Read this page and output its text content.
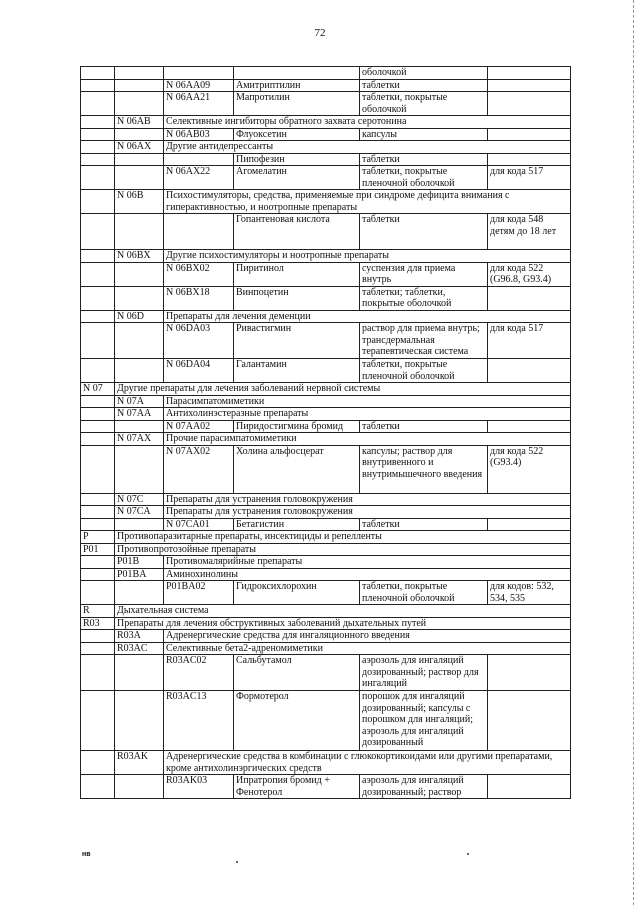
72
				оболочкой	
		N 06AA09	Амитриптилин	таблетки	
		N 06AA21	Мапротилин	таблетки, покрытые оболочкой	
	N 06AB	Селективные ингибиторы обратного захвата серотонина			
		N 06AB03	Флуоксетин	капсулы	
	N 06AX	Другие антидепрессанты			
			Пипофезин	таблетки	
		N 06AX22	Агомелатин	таблетки, покрытые пленочной оболочкой	для кода 517
	N 06B	Психостимуляторы, средства, применяемые при синдроме дефицита внимания с гиперактивностью, и ноотропные препараты			
			Гопантеновая кислота	таблетки	для кода 548 детям до 18 лет
	N 06BX	Другие психостимуляторы и ноотропные препараты			
		N 06BX02	Пиритинол	суспензия для приема внутрь	для кода 522 (G96.8, G93.4)
		N 06BX18	Винпоцетин	таблетки; таблетки, покрытые оболочкой	
	N 06D	Препараты для лечения деменции			
		N 06DA03	Ривастигмин	раствор для приема внутрь; трансдермальная терапевтическая система	для кода 517
		N 06DA04	Галантамин	таблетки, покрытые пленочной оболочкой	
N 07	Другие препараты для лечения заболеваний нервной системы				
	N 07A	Парасимпатомиметики			
	N 07AA	Антихолинэстеразные препараты			
		N 07AA02	Пиридостигмина бромид	таблетки	
	N 07AX	Прочие парасимпатомиметики			
		N 07AX02	Холина альфосцерат	капсулы; раствор для внутривенного и внутримышечного введения	для кода 522 (G93.4)
	N 07C	Препараты для устранения головокружения			
	N 07CA	Препараты для устранения головокружения			
		N 07CA01	Бетагистин	таблетки	
P	Противопаразитарные препараты, инсектициды и репелленты				
P01	Противопротозойные препараты				
	P01B	Противомалярийные препараты			
	P01BA	Аминохинолины			
		P01BA02	Гидроксихлорохин	таблетки, покрытые пленочной оболочкой	для кодов: 532, 534, 535
R	Дыхательная система				
R03	Препараты для лечения обструктивных заболеваний дыхательных путей				
	R03A	Адренергические средства для ингаляционного введения			
	R03AC	Селективные бета2-адреномиметики			
		R03AC02	Сальбутамол	аэрозоль для ингаляций дозированный; раствор для ингаляций	
		R03AC13	Формотерол	порошок для ингаляций дозированный; капсулы с порошком для ингаляций; аэрозоль для ингаляций дозированный	
	R03AK	Адренергические средства в комбинации с глюкокортикоидами или другими препаратами, кроме антихолинэргических средств			
		R03AK03	Ипратропия бромид + Фенотерол	аэрозоль для ингаляций дозированный; раствор	
нв
